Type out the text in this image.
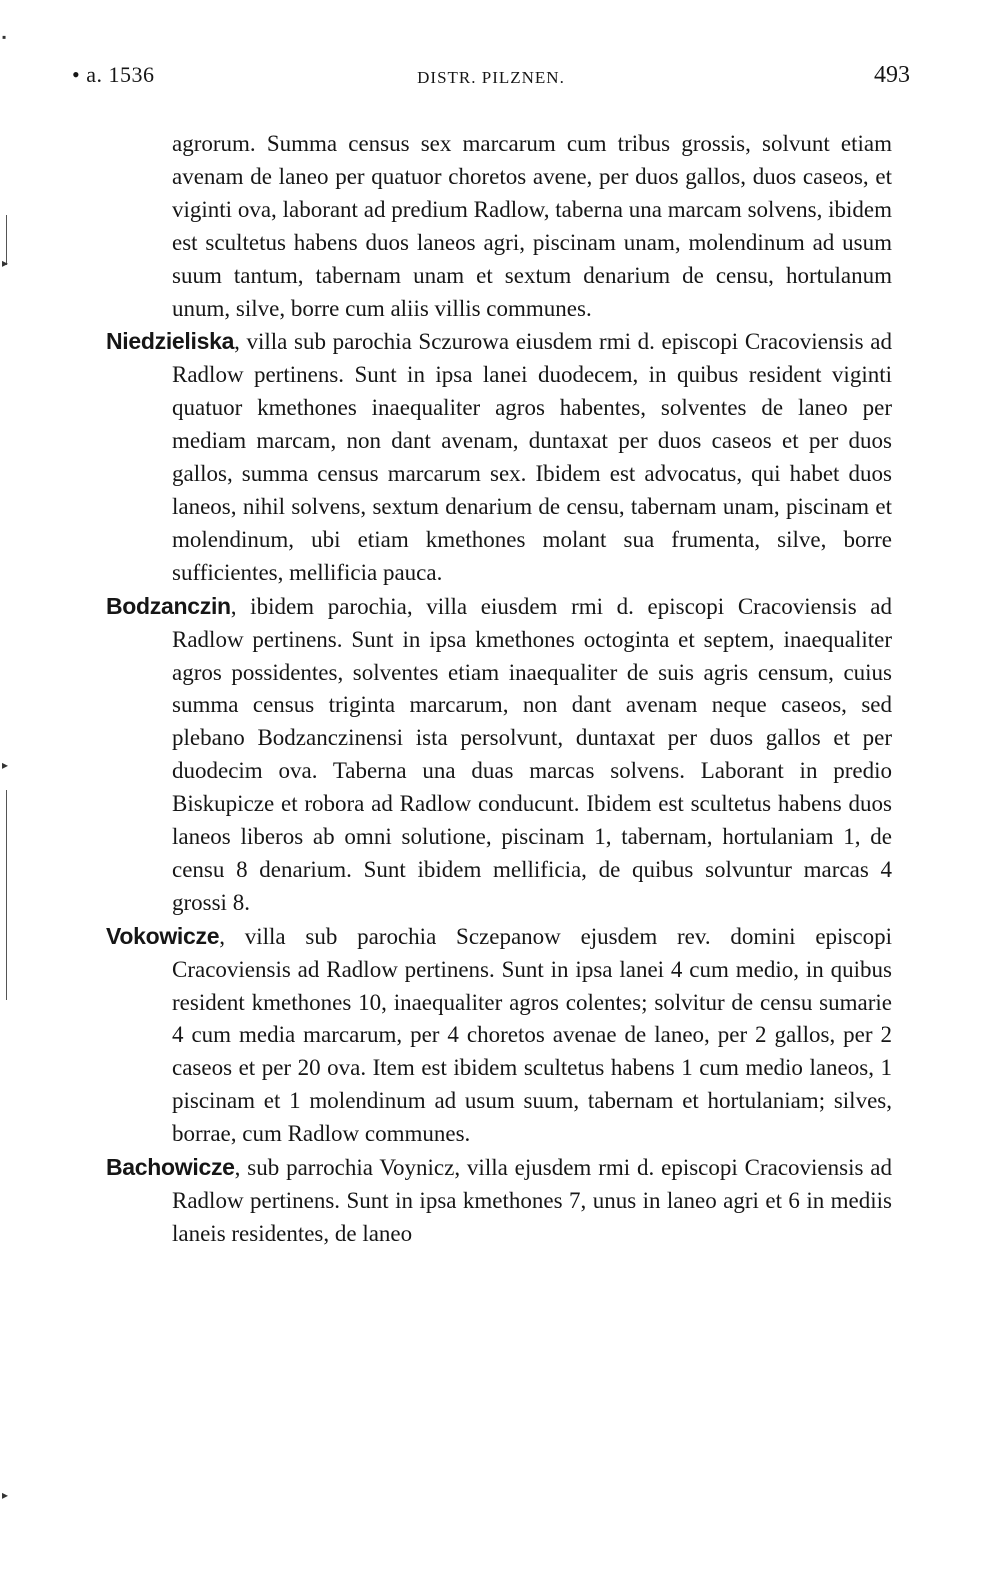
▪
▸
▸
▸
• a. 1536	DISTR. PILZNEN.	493

agrorum. Summa census sex marcarum cum tribus grossis, solvunt etiam avenam de laneo per quatuor choretos avene, per duos gallos, duos caseos, et viginti ova, laborant ad predium Radlow, taberna una marcam solvens, ibidem est scultetus habens duos laneos agri, piscinam unam, molendinum ad usum suum tantum, tabernam unam et sextum denarium de censu, hortulanum unum, silve, borre cum aliis villis communes.

Niedzieliska, villa sub parochia Sczurowa eiusdem rmi d. episcopi Cracoviensis ad Radlow pertinens. Sunt in ipsa lanei duodecem, in quibus resident viginti quatuor kmethones inaequaliter agros habentes, solventes de laneo per mediam marcam, non dant avenam, duntaxat per duos caseos et per duos gallos, summa census marcarum sex. Ibidem est advocatus, qui habet duos laneos, nihil solvens, sextum denarium de censu, tabernam unam, piscinam et molendinum, ubi etiam kmethones molant sua frumenta, silve, borre sufficientes, mellificia pauca.

Bodzanczin, ibidem parochia, villa eiusdem rmi d. episcopi Cracoviensis ad Radlow pertinens. Sunt in ipsa kmethones octoginta et septem, inaequaliter agros possidentes, solventes etiam inaequaliter de suis agris censum, cuius summa census triginta marcarum, non dant avenam neque caseos, sed plebano Bodzanczinensi ista persolvunt, duntaxat per duos gallos et per duodecim ova. Taberna una duas marcas solvens. Laborant in predio Biskupicze et robora ad Radlow conducunt. Ibidem est scultetus habens duos laneos liberos ab omni solutione, piscinam 1, tabernam, hortulaniam 1, de censu 8 denarium. Sunt ibidem mellificia, de quibus solvuntur marcas 4 grossi 8.

Vokowicze, villa sub parochia Sczepanow ejusdem rev. domini episcopi Cracoviensis ad Radlow pertinens. Sunt in ipsa lanei 4 cum medio, in quibus resident kmethones 10, inaequaliter agros colentes; solvitur de censu sumarie 4 cum media marcarum, per 4 choretos avenae de laneo, per 2 gallos, per 2 caseos et per 20 ova. Item est ibidem scultetus habens 1 cum medio laneos, 1 piscinam et 1 molendinum ad usum suum, tabernam et hortulaniam; silves, borrae, cum Radlow communes.

Bachowicze, sub parrochia Voynicz, villa ejusdem rmi d. episcopi Cracoviensis ad Radlow pertinens. Sunt in ipsa kmethones 7, unus in laneo agri et 6 in mediis laneis residentes, de laneo
